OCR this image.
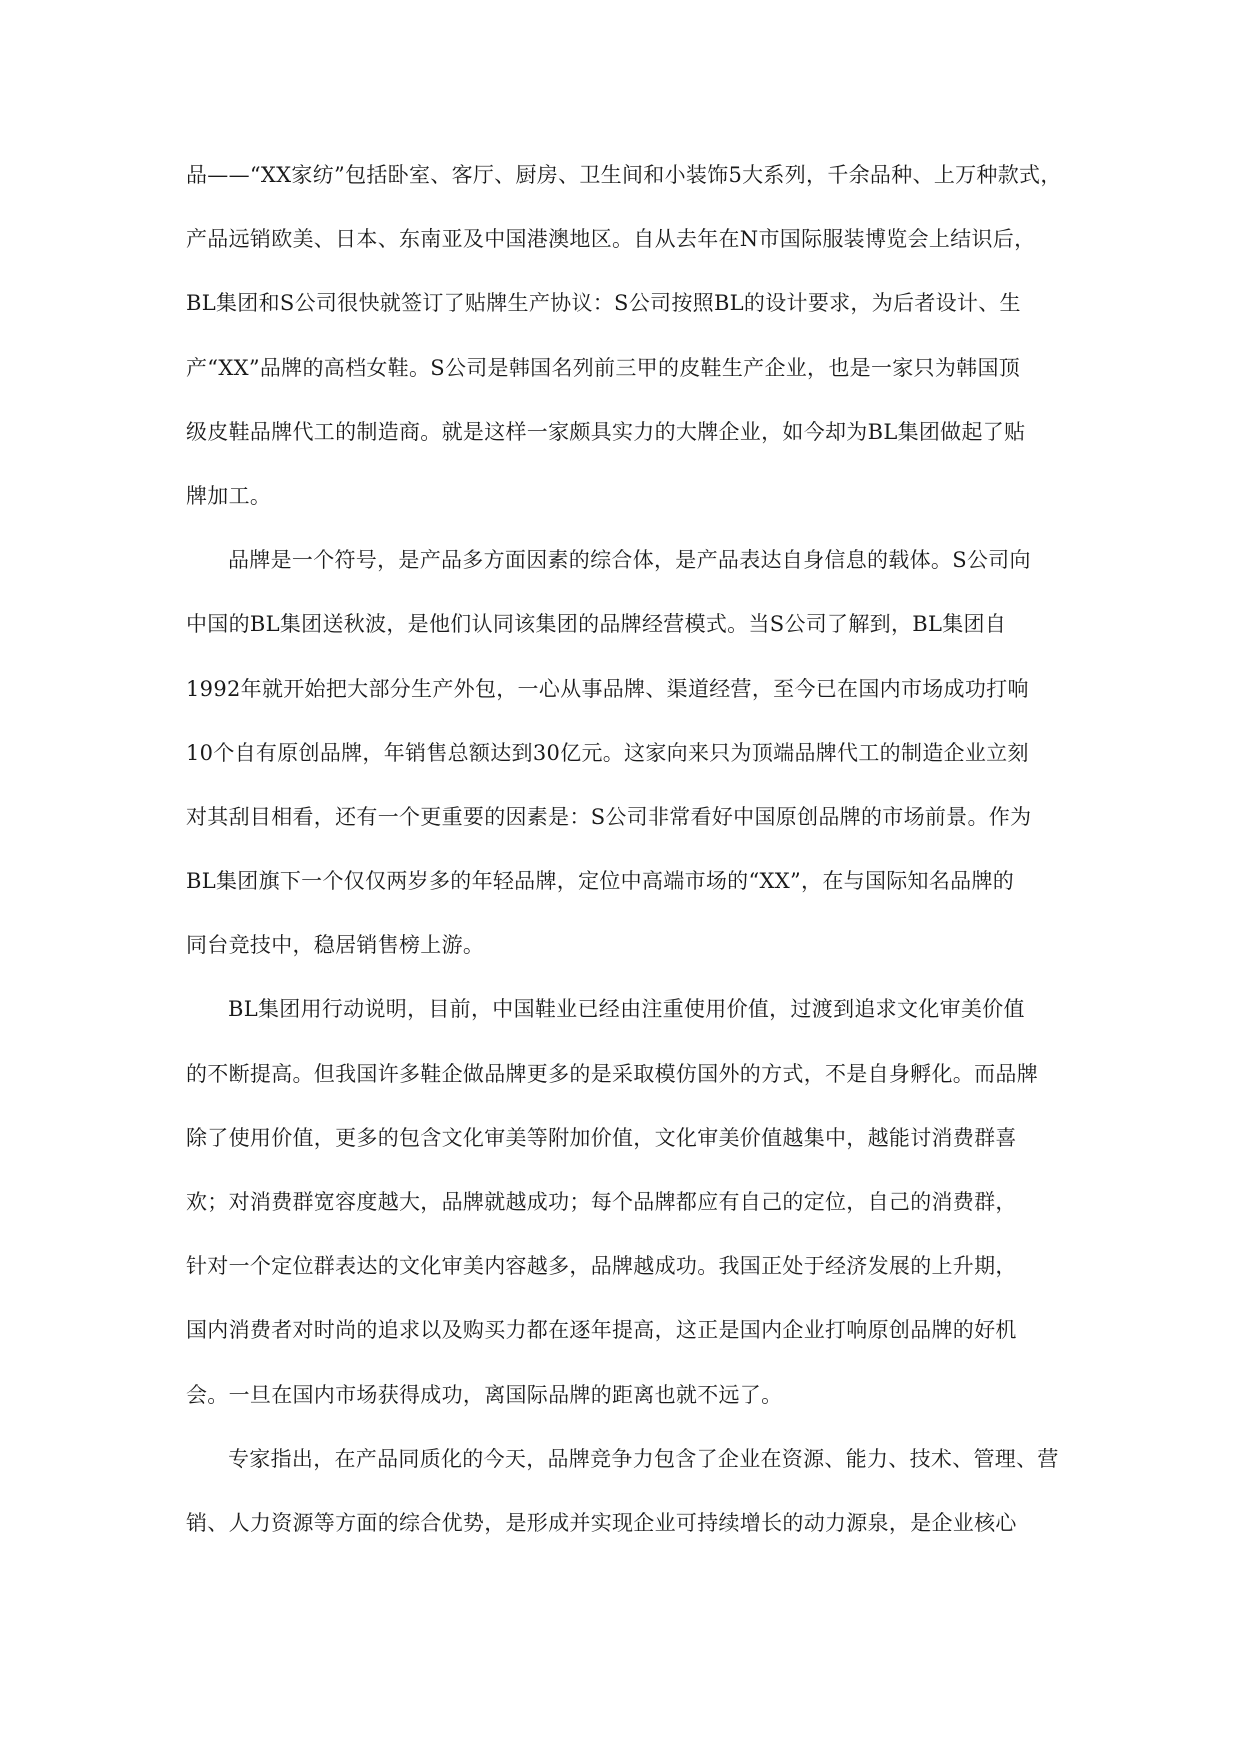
品——“XX家纺”包括卧室、客厅、厨房、卫生间和小装饰5大系列，千余品种、上万种款式，
产品远销欧美、日本、东南亚及中国港澳地区。自从去年在N市国际服装博览会上结识后，
BL集团和S公司很快就签订了贴牌生产协议：S公司按照BL的设计要求，为后者设计、生
产“XX”品牌的高档女鞋。S公司是韩国名列前三甲的皮鞋生产企业，也是一家只为韩国顶
级皮鞋品牌代工的制造商。就是这样一家颇具实力的大牌企业，如今却为BL集团做起了贴
牌加工。
品牌是一个符号，是产品多方面因素的综合体，是产品表达自身信息的载体。S公司向
中国的BL集团送秋波，是他们认同该集团的品牌经营模式。当S公司了解到，BL集团自
1992年就开始把大部分生产外包，一心从事品牌、渠道经营，至今已在国内市场成功打响
10个自有原创品牌，年销售总额达到30亿元。这家向来只为顶端品牌代工的制造企业立刻
对其刮目相看，还有一个更重要的因素是：S公司非常看好中国原创品牌的市场前景。作为
BL集团旗下一个仅仅两岁多的年轻品牌，定位中高端市场的“XX”，在与国际知名品牌的
同台竞技中，稳居销售榜上游。
BL集团用行动说明，目前，中国鞋业已经由注重使用价值，过渡到追求文化审美价值
的不断提高。但我国许多鞋企做品牌更多的是采取模仿国外的方式，不是自身孵化。而品牌
除了使用价值，更多的包含文化审美等附加价值，文化审美价值越集中，越能讨消费群喜
欢；对消费群宽容度越大，品牌就越成功；每个品牌都应有自己的定位，自己的消费群，
针对一个定位群表达的文化审美内容越多，品牌越成功。我国正处于经济发展的上升期，
国内消费者对时尚的追求以及购买力都在逐年提高，这正是国内企业打响原创品牌的好机
会。一旦在国内市场获得成功，离国际品牌的距离也就不远了。
专家指出，在产品同质化的今天，品牌竞争力包含了企业在资源、能力、技术、管理、营
销、人力资源等方面的综合优势，是形成并实现企业可持续增长的动力源泉，是企业核心
